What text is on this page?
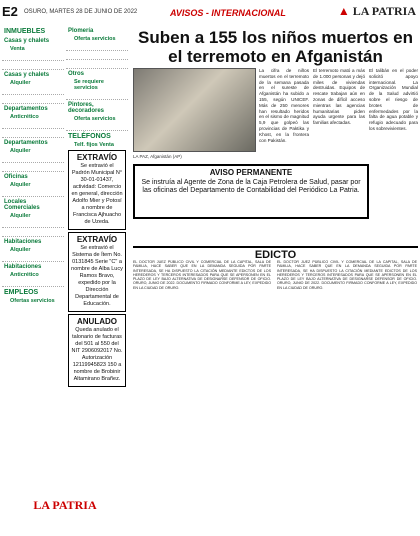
E2 OSURO, MARTES 28 DE JUNIO DE 2022	AVISOS - INTERNACIONAL	▲ LA PATRIA
INMUEBLES
Casas y chalets
Venta

Casas y chalets
Alquiler

Departamentos
Anticrético

Departamentos
Alquiler

Oficinas
Alquiler

Locales Comerciales
Alquiler

Habitaciones
Alquiler

Habitaciones
Anticrético

EMPLEOS
Ofertas servicios
Plomería
Oferta servicios

Otros
Se requiere servicios

Pintores, decoradores
Oferta servicios

TELÉFONOS
Telf. fijos Venta
EXTRAVÍO
Se extravió el Padrón Municipal N° 30-01-01437, actividad: Comercio en general, dirección Adolfo Mier y Potosí a nombre de Francisca Ajhuacho de Uzeda.
EXTRAVÍO
Se extravió el Sistema de Ítem No. 0131845 Serie "C" a nombre de Alba Lucy Ramos Bravo, expedido por la Dirección Departamental de Educación.
ANULADO
Queda anulado el talonario de facturas del 501 al 550 del NIT 2906092017 No. Autorización 12119945823 150 a nombre de Brobinir Altamirano Brañez.
LA PATRIA
Suben a 155 los niños muertos en el terremoto en Afganistán
LA PAZ, Afganistán (AP)
La cifra de niños muertos en el terremoto de la semana pasada en el sureste de Afganistán ha subido a 155, según UNICEF. Más de 250 menores han resultado heridos en el sismo de magnitud 5,9 que golpeó las provincias de Paktika y Khost, en la frontera con Pakistán.
El terremoto mató a más de 1.000 personas y dejó miles de viviendas destruidas. Equipos de rescate trabajan aún en zonas de difícil acceso mientras las agencias humanitarias piden ayuda urgente para las familias afectadas.
El talibán en el poder solicitó apoyo internacional. La Organización Mundial de la Salud advirtió sobre el riesgo de brotes de enfermedades por la falta de agua potable y refugio adecuado para los sobrevivientes.
AVISO PERMANENTE
Se instruía al Agente de Zona de la Caja Petrolera de Salud, pasar por las oficinas del Departamento de Contabilidad del Periódico La Patria.
EDICTO
EL DOCTOR JUEZ PÚBLICO CIVIL Y COMERCIAL DE LA CAPITAL, SALA DE FAMILIA, HACE SABER QUE EN LA DEMANDA SEGUIDA POR PARTE INTERESADA, SE HA DISPUESTO LA CITACIÓN MEDIANTE EDICTOS DE LOS HEREDEROS Y TERCEROS INTERESADOS PARA QUE SE APERSONEN EN EL PLAZO DE LEY BAJO ALTERNATIVA DE DESIGNARSE DEFENSOR DE OFICIO. ORURO, JUNIO DE 2022. DOCUMENTO FIRMADO CONFORME A LEY, EXPEDIDO EN LA CIUDAD DE ORURO.
EL DOCTOR JUEZ PÚBLICO CIVIL Y COMERCIAL DE LA CAPITAL, SALA DE FAMILIA, HACE SABER QUE EN LA DEMANDA SEGUIDA POR PARTE INTERESADA, SE HA DISPUESTO LA CITACIÓN MEDIANTE EDICTOS DE LOS HEREDEROS Y TERCEROS INTERESADOS PARA QUE SE APERSONEN EN EL PLAZO DE LEY BAJO ALTERNATIVA DE DESIGNARSE DEFENSOR DE OFICIO. ORURO, JUNIO DE 2022. DOCUMENTO FIRMADO CONFORME A LEY, EXPEDIDO EN LA CIUDAD DE ORURO.
